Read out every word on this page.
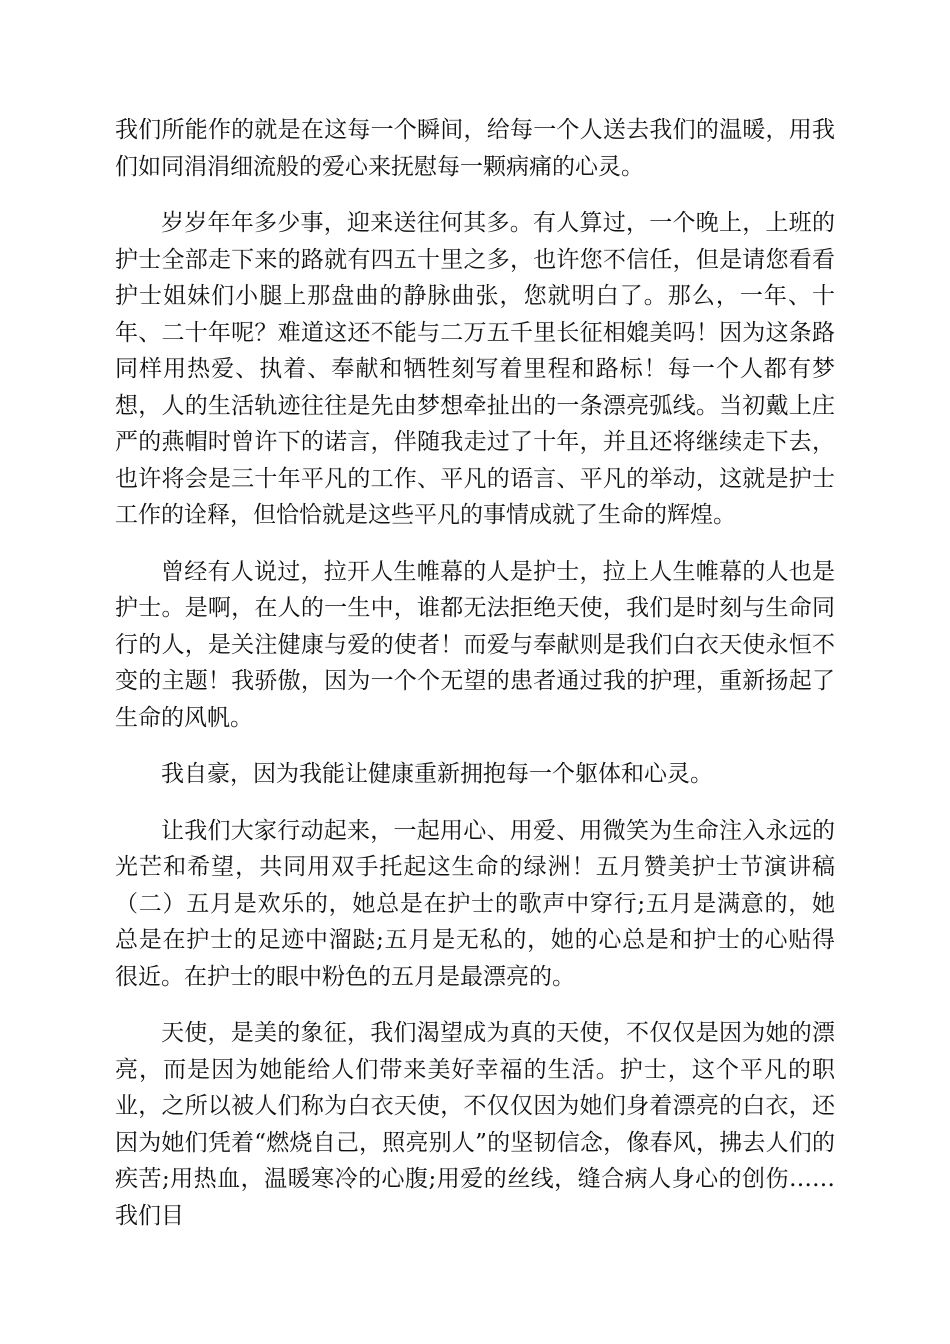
我们所能作的就是在这每一个瞬间，给每一个人送去我们的温暖，用我们如同涓涓细流般的爱心来抚慰每一颗病痛的心灵。

岁岁年年多少事，迎来送往何其多。有人算过，一个晚上，上班的护士全部走下来的路就有四五十里之多，也许您不信任，但是请您看看护士姐妹们小腿上那盘曲的静脉曲张，您就明白了。那么，一年、十年、二十年呢？难道这还不能与二万五千里长征相媲美吗！因为这条路同样用热爱、执着、奉献和牺牲刻写着里程和路标！每一个人都有梦想，人的生活轨迹往往是先由梦想牵扯出的一条漂亮弧线。当初戴上庄严的燕帽时曾许下的诺言，伴随我走过了十年，并且还将继续走下去，也许将会是三十年平凡的工作、平凡的语言、平凡的举动，这就是护士工作的诠释，但恰恰就是这些平凡的事情成就了生命的辉煌。

曾经有人说过，拉开人生帷幕的人是护士，拉上人生帷幕的人也是护士。是啊，在人的一生中，谁都无法拒绝天使，我们是时刻与生命同行的人，是关注健康与爱的使者！而爱与奉献则是我们白衣天使永恒不变的主题！我骄傲，因为一个个无望的患者通过我的护理，重新扬起了生命的风帆。

我自豪，因为我能让健康重新拥抱每一个躯体和心灵。

让我们大家行动起来，一起用心、用爱、用微笑为生命注入永远的光芒和希望，共同用双手托起这生命的绿洲！五月赞美护士节演讲稿（二）五月是欢乐的，她总是在护士的歌声中穿行;五月是满意的，她总是在护士的足迹中溜跶;五月是无私的，她的心总是和护士的心贴得很近。在护士的眼中粉色的五月是最漂亮的。

天使，是美的象征，我们渴望成为真的天使，不仅仅是因为她的漂亮，而是因为她能给人们带来美好幸福的生活。护士，这个平凡的职业，之所以被人们称为白衣天使，不仅仅因为她们身着漂亮的白衣，还因为她们凭着“燃烧自己，照亮别人”的坚韧信念，像春风，拂去人们的疾苦;用热血，温暖寒冷的心腹;用爱的丝线，缝合病人身心的创伤……我们目
